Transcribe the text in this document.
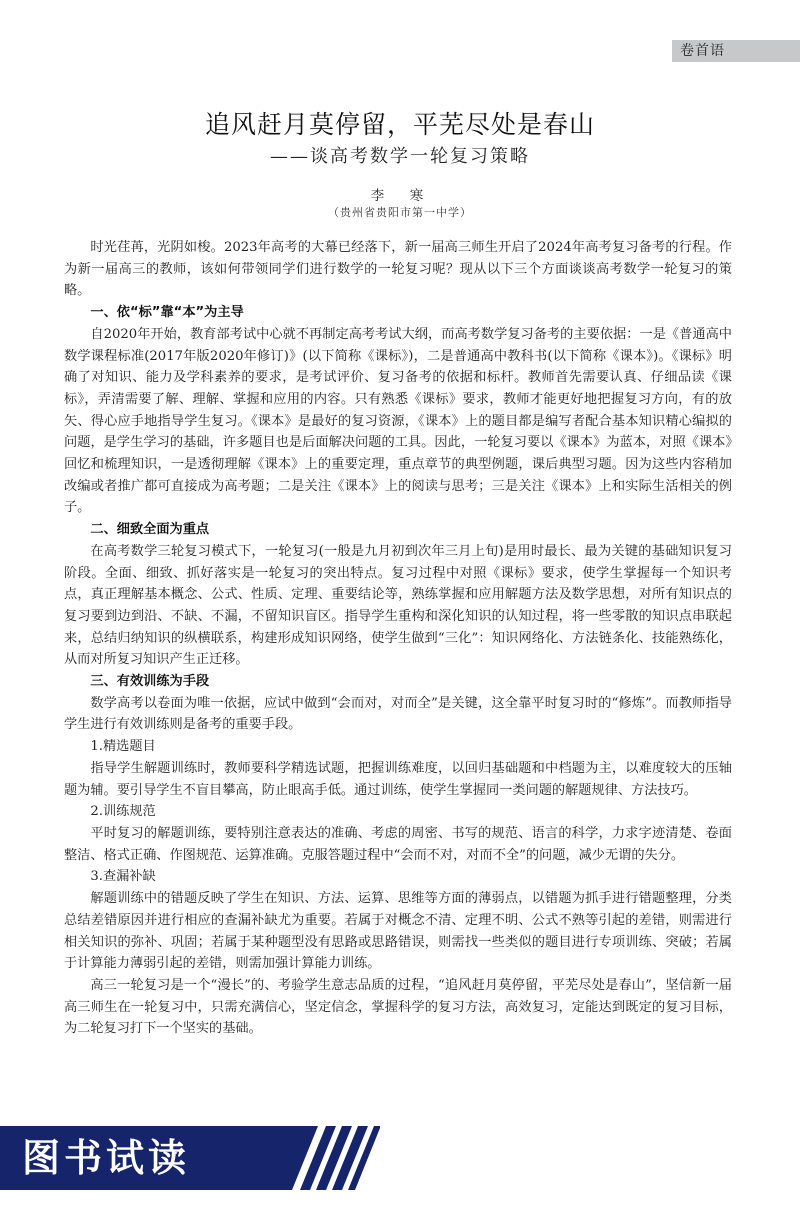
卷首语
追风赶月莫停留，平芜尽处是春山
——谈高考数学一轮复习策略
李　寒
（贵州省贵阳市第一中学）

时光荏苒，光阴如梭。2023年高考的大幕已经落下，新一届高三师生开启了2024年高考复习备考的行程。作为新一届高三的教师，该如何带领同学们进行数学的一轮复习呢？现从以下三个方面谈谈高考数学一轮复习的策略。

一、依“标”靠“本”为主导

自2020年开始，教育部考试中心就不再制定高考考试大纲，而高考数学复习备考的主要依据：一是《普通高中数学课程标准(2017年版2020年修订)》(以下简称《课标》)，二是普通高中教科书(以下简称《课本》)。《课标》明确了对知识、能力及学科素养的要求，是考试评价、复习备考的依据和标杆。教师首先需要认真、仔细品读《课标》，弄清需要了解、理解、掌握和应用的内容。只有熟悉《课标》要求，教师才能更好地把握复习方向，有的放矢、得心应手地指导学生复习。《课本》是最好的复习资源，《课本》上的题目都是编写者配合基本知识精心编拟的问题，是学生学习的基础，许多题目也是后面解决问题的工具。因此，一轮复习要以《课本》为蓝本，对照《课本》回忆和梳理知识，一是透彻理解《课本》上的重要定理，重点章节的典型例题，课后典型习题。因为这些内容稍加改编或者推广都可直接成为高考题；二是关注《课本》上的阅读与思考；三是关注《课本》上和实际生活相关的例子。

二、细致全面为重点

在高考数学三轮复习模式下，一轮复习(一般是九月初到次年三月上旬)是用时最长、最为关键的基础知识复习阶段。全面、细致、抓好落实是一轮复习的突出特点。复习过程中对照《课标》要求，使学生掌握每一个知识考点，真正理解基本概念、公式、性质、定理、重要结论等，熟练掌握和应用解题方法及数学思想，对所有知识点的复习要到边到沿、不缺、不漏，不留知识盲区。指导学生重构和深化知识的认知过程，将一些零散的知识点串联起来，总结归纳知识的纵横联系，构建形成知识网络，使学生做到“三化”：知识网络化、方法链条化、技能熟练化，从而对所复习知识产生正迁移。

三、有效训练为手段

数学高考以卷面为唯一依据，应试中做到“会而对，对而全”是关键，这全靠平时复习时的“修炼”。而教师指导学生进行有效训练则是备考的重要手段。

1.精选题目

指导学生解题训练时，教师要科学精选试题，把握训练难度，以回归基础题和中档题为主，以难度较大的压轴题为辅。要引导学生不盲目攀高，防止眼高手低。通过训练，使学生掌握同一类问题的解题规律、方法技巧。

2.训练规范

平时复习的解题训练，要特别注意表达的准确、考虑的周密、书写的规范、语言的科学，力求字迹清楚、卷面整洁、格式正确、作图规范、运算准确。克服答题过程中“会而不对，对而不全”的问题，减少无谓的失分。

3.查漏补缺

解题训练中的错题反映了学生在知识、方法、运算、思维等方面的薄弱点，以错题为抓手进行错题整理，分类总结差错原因并进行相应的查漏补缺尤为重要。若属于对概念不清、定理不明、公式不熟等引起的差错，则需进行相关知识的弥补、巩固；若属于某种题型没有思路或思路错误，则需找一些类似的题目进行专项训练、突破；若属于计算能力薄弱引起的差错，则需加强计算能力训练。

高三一轮复习是一个“漫长”的、考验学生意志品质的过程，“追风赶月莫停留，平芜尽处是春山”，坚信新一届高三师生在一轮复习中，只需充满信心，坚定信念，掌握科学的复习方法，高效复习，定能达到既定的复习目标，为二轮复习打下一个坚实的基础。

图书试读
